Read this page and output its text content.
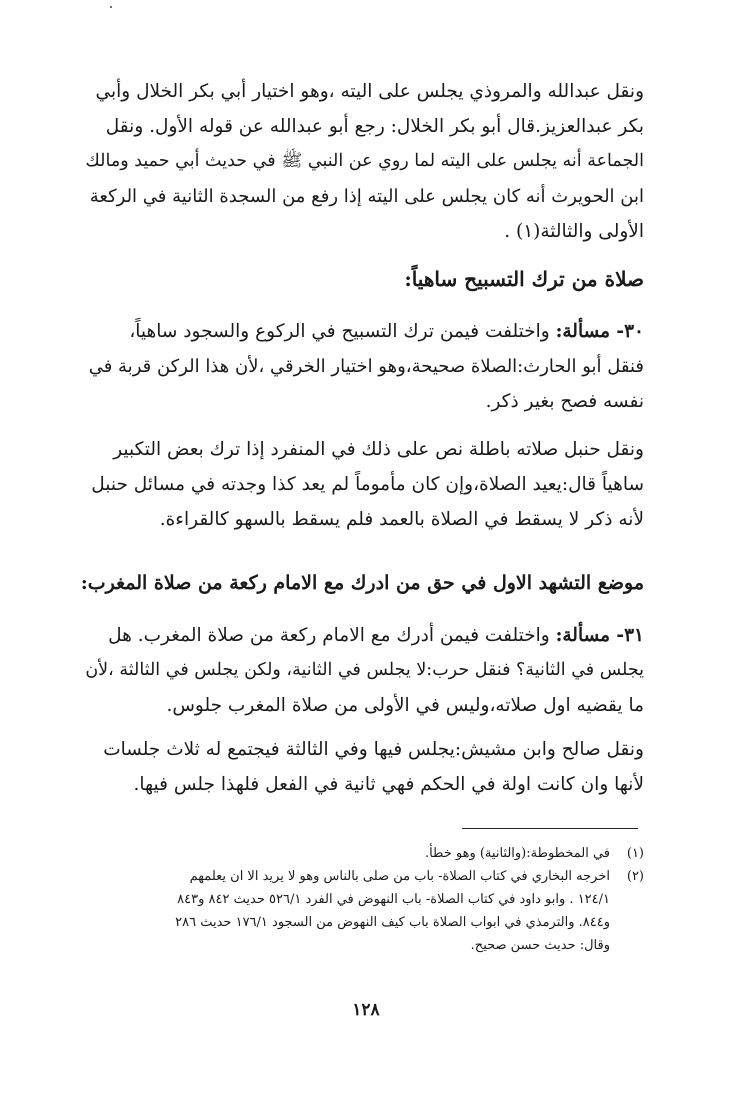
ونقل عبدالله والمروذي يجلس على اليته ،وهو اختيار أبي بكر الخلال وأبي

بكر عبدالعزيز.قال أبو بكر الخلال: رجع أبو عبدالله عن قوله الأول. ونقل

الجماعة أنه يجلس على اليته لما روي عن النبي ﷺ في حديث أبي حميد ومالك

ابن الحويرث أنه كان يجلس على اليته إذا رفع من السجدة الثانية في الركعة

الأولى والثالثة(١) .

صلاة من ترك التسبيح ساهياً:

٣٠- مسألة: واختلفت فيمن ترك التسبيح في الركوع والسجود ساهياً،

فنقل أبو الحارث:الصلاة صحيحة،وهو اختيار الخرقي ،لأن هذا الركن قربة في

نفسه فصح بغير ذكر.

ونقل حنبل صلاته باطلة نص على ذلك في المنفرد إذا ترك بعض التكبير

ساهياً قال:يعيد الصلاة،وإن كان مأموماً لم يعد كذا وجدته في مسائل حنبل

لأنه ذكر لا يسقط في الصلاة بالعمد فلم يسقط بالسهو كالقراءة.

موضع التشهد الاول في حق من ادرك مع الامام ركعة من صلاة المغرب:

٣١- مسألة: واختلفت فيمن أدرك مع الامام ركعة من صلاة المغرب. هل

يجلس في الثانية؟ فنقل حرب:لا يجلس في الثانية، ولكن يجلس في الثالثة ،لأن

ما يقضيه اول صلاته،وليس في الأولى من صلاة المغرب جلوس.

ونقل صالح وابن مشيش:يجلس فيها وفي الثالثة فيجتمع له ثلاث جلسات

لأنها وان كانت اولة في الحكم فهي ثانية في الفعل فلهذا جلس فيها.

(١)

في المخطوطة:(والثانية) وهو خطأ.

(٢)

اخرجه البخاري في كتاب الصلاة- باب من صلى بالناس وهو لا يريد الا ان يعلمهم

١٢٤/١ . وابو داود في كتاب الصلاة- باب النهوض في الفرد ٥٢٦/١ حديث ٨٤٢ و٨٤٣

و٨٤٤. والترمذي في ابواب الصلاة باب كيف النهوض من السجود ١٧٦/١ حديث ٢٨٦

وقال: حديث حسن صحيح.

١٢٨
